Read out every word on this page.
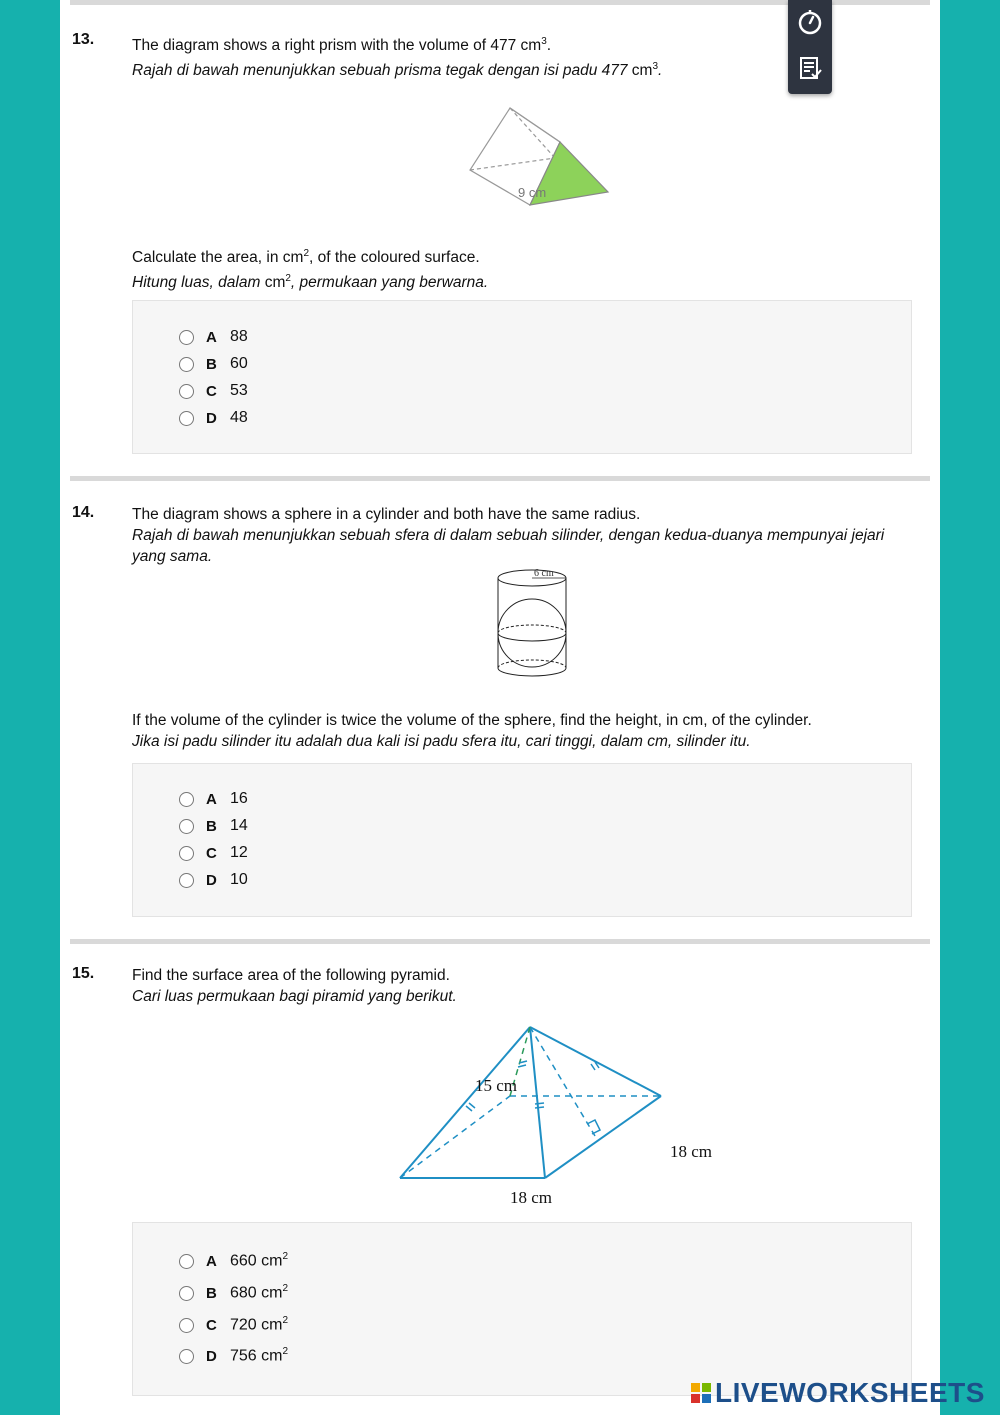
13. The diagram shows a right prism with the volume of 477 $cm^3$.
Rajah di bawah menunjukkan sebuah prisma tegak dengan isi padu 477 $cm^3$.
9 cm
Calculate the area, in $cm^2$, of the coloured surface.
Hitung luas, dalam $cm^2$, permukaan yang berwarna.
A 88
B 60
C 53
D 48
14. The diagram shows a sphere in a cylinder and both have the same radius.
Rajah di bawah menunjukkan sebuah sfera di dalam sebuah silinder, dengan kedua-duanya mempunyai jejari yang sama.
6 cm
If the volume of the cylinder is twice the volume of the sphere, find the height, in cm, of the cylinder.
Jika isi padu silinder itu adalah dua kali isi padu sfera itu, cari tinggi, dalam cm, silinder itu.
A 16
B 14
C 12
D 10
15. Find the surface area of the following pyramid.
Cari luas permukaan bagi piramid yang berikut.
15 cm
18 cm
18 cm
A 660 $cm^2$
B 680 $cm^2$
C 720 $cm^2$
D 756 $cm^2$
LIVEWORKSHEETS
